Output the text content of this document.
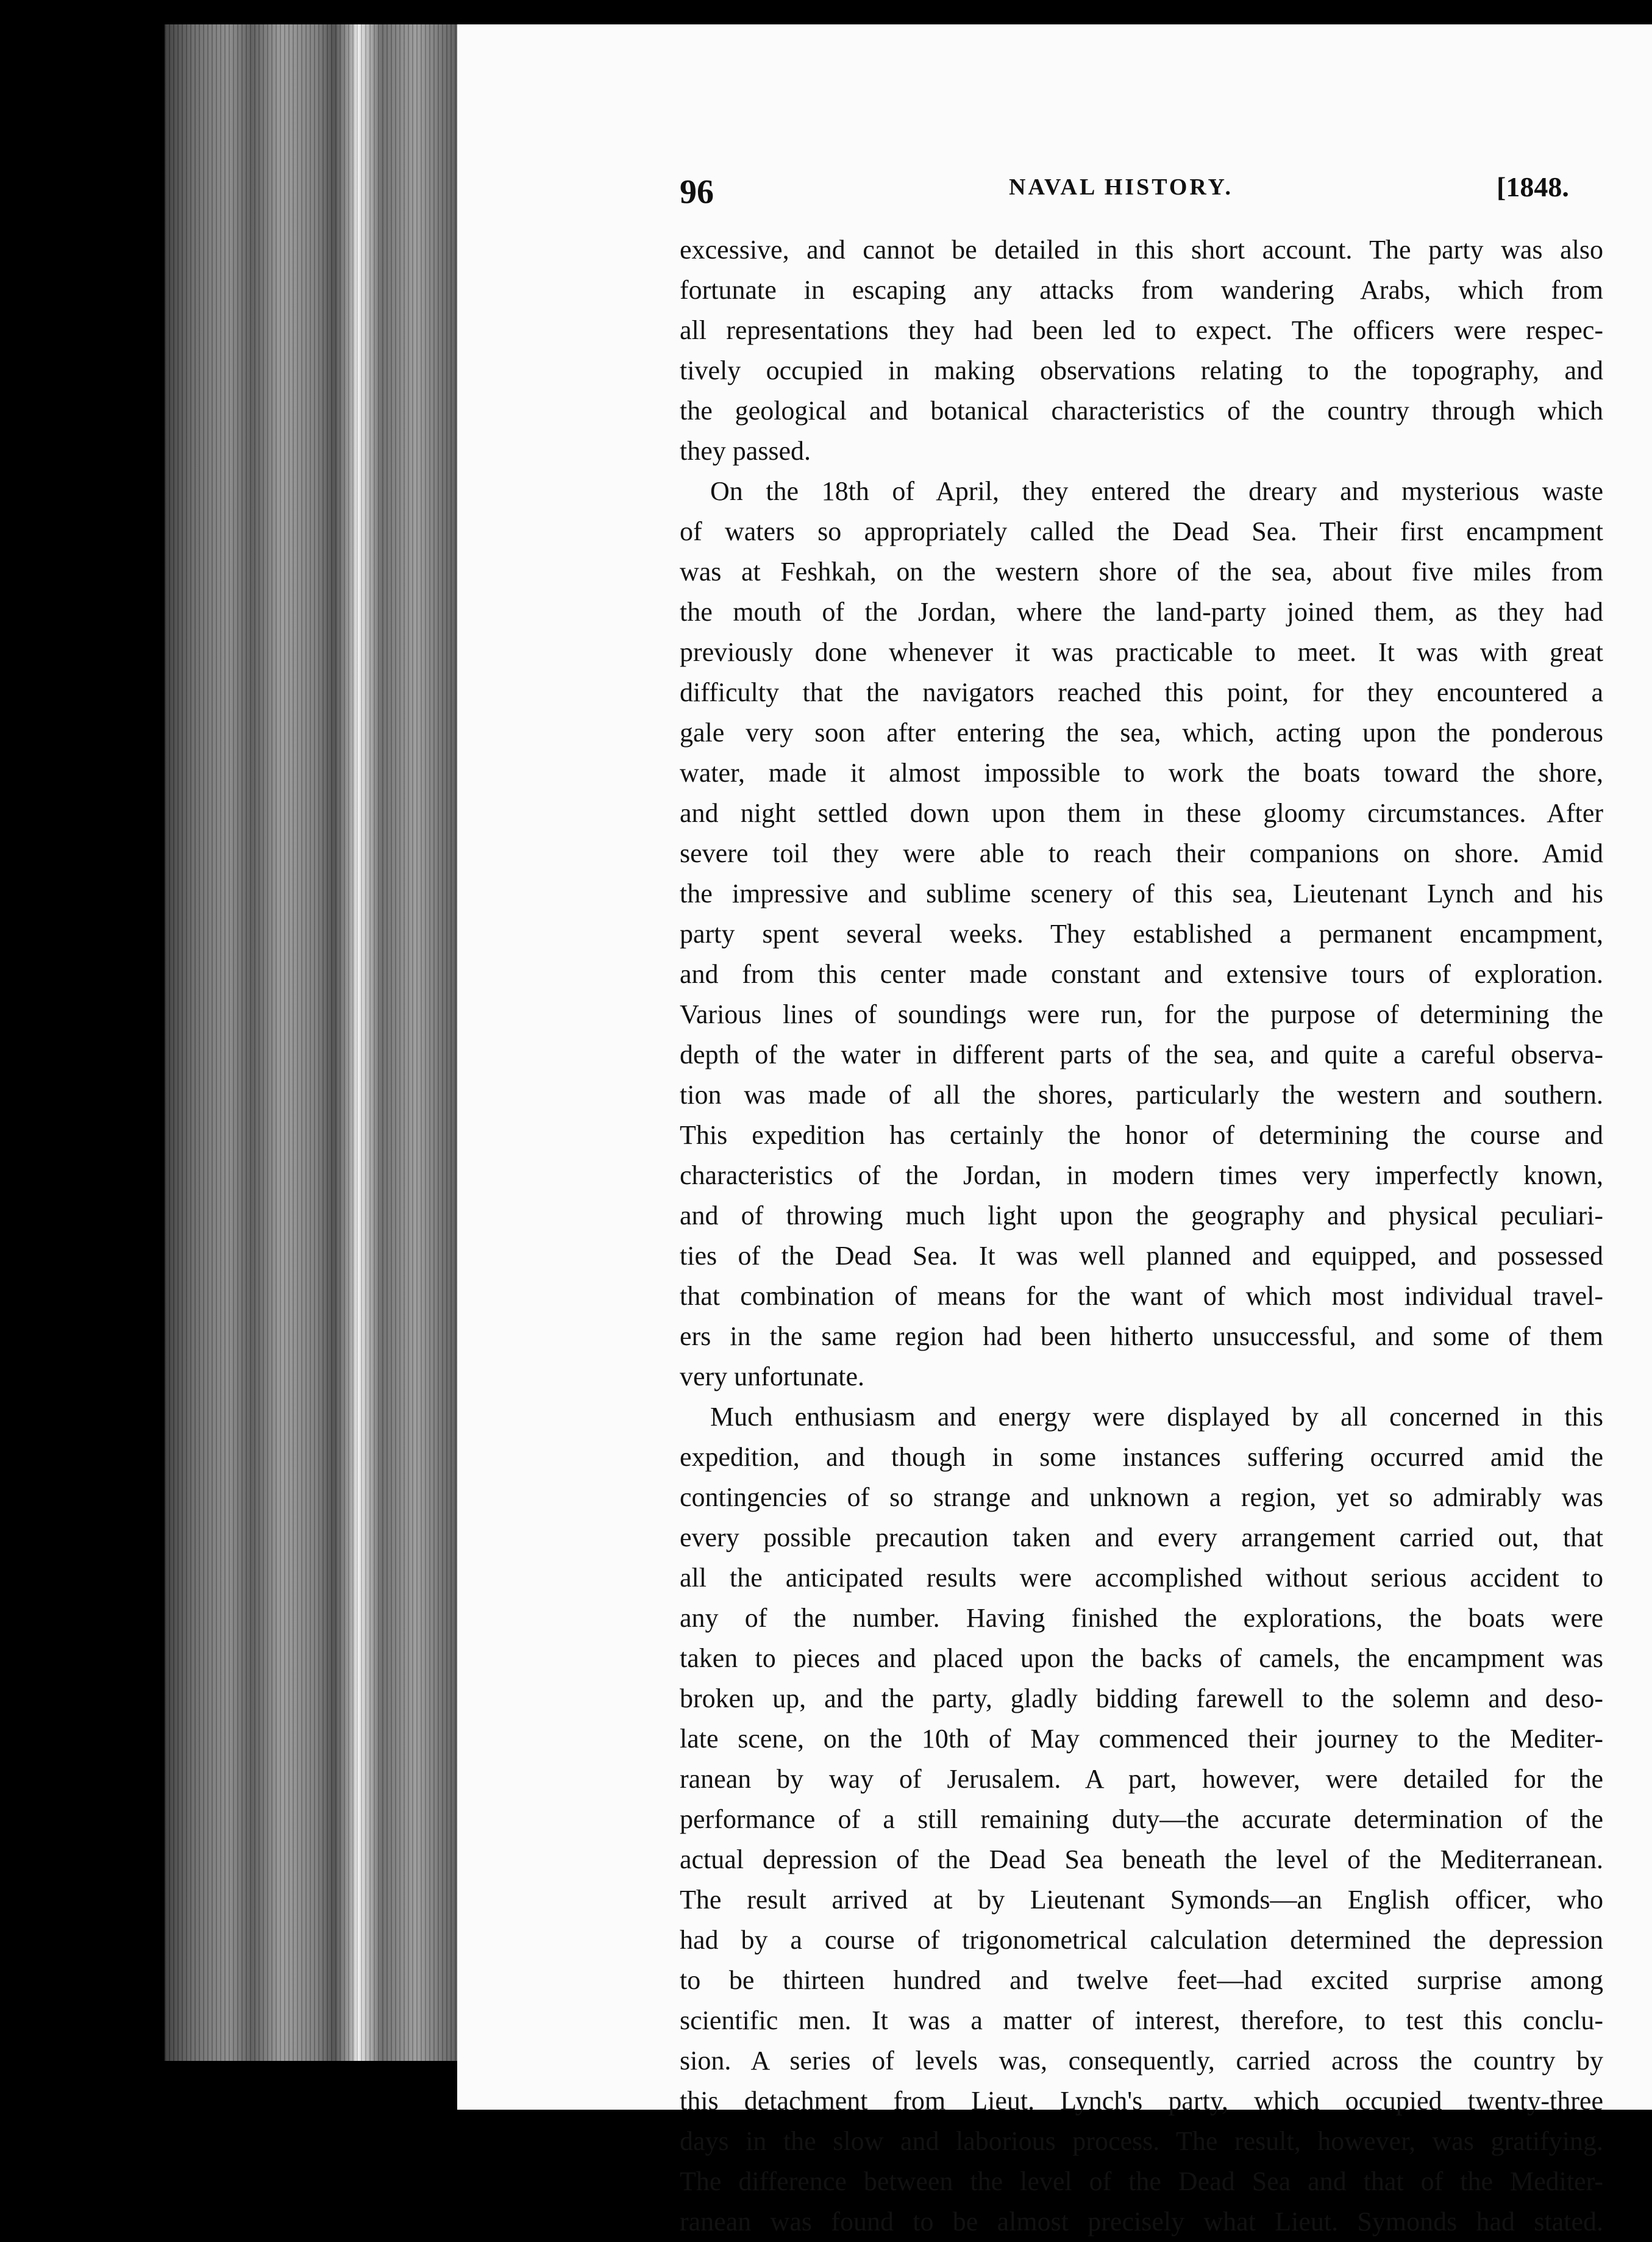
96	NAVAL HISTORY.	[1848.
excessive, and cannot be detailed in this short account. The party was also
fortunate in escaping any attacks from wandering Arabs, which from
all representations they had been led to expect. The officers were respec-
tively occupied in making observations relating to the topography, and
the geological and botanical characteristics of the country through which
they passed.
On the 18th of April, they entered the dreary and mysterious waste
of waters so appropriately called the Dead Sea. Their first encampment
was at Feshkah, on the western shore of the sea, about five miles from
the mouth of the Jordan, where the land-party joined them, as they had
previously done whenever it was practicable to meet. It was with great
difficulty that the navigators reached this point, for they encountered a
gale very soon after entering the sea, which, acting upon the ponderous
water, made it almost impossible to work the boats toward the shore,
and night settled down upon them in these gloomy circumstances. After
severe toil they were able to reach their companions on shore. Amid
the impressive and sublime scenery of this sea, Lieutenant Lynch and his
party spent several weeks. They established a permanent encampment,
and from this center made constant and extensive tours of exploration.
Various lines of soundings were run, for the purpose of determining the
depth of the water in different parts of the sea, and quite a careful observa-
tion was made of all the shores, particularly the western and southern.
This expedition has certainly the honor of determining the course and
characteristics of the Jordan, in modern times very imperfectly known,
and of throwing much light upon the geography and physical peculiari-
ties of the Dead Sea. It was well planned and equipped, and possessed
that combination of means for the want of which most individual travel-
ers in the same region had been hitherto unsuccessful, and some of them
very unfortunate.
Much enthusiasm and energy were displayed by all concerned in this
expedition, and though in some instances suffering occurred amid the
contingencies of so strange and unknown a region, yet so admirably was
every possible precaution taken and every arrangement carried out, that
all the anticipated results were accomplished without serious accident to
any of the number. Having finished the explorations, the boats were
taken to pieces and placed upon the backs of camels, the encampment was
broken up, and the party, gladly bidding farewell to the solemn and deso-
late scene, on the 10th of May commenced their journey to the Mediter-
ranean by way of Jerusalem. A part, however, were detailed for the
performance of a still remaining duty—the accurate determination of the
actual depression of the Dead Sea beneath the level of the Mediterranean.
The result arrived at by Lieutenant Symonds—an English officer, who
had by a course of trigonometrical calculation determined the depression
to be thirteen hundred and twelve feet—had excited surprise among
scientific men. It was a matter of interest, therefore, to test this conclu-
sion. A series of levels was, consequently, carried across the country by
this detachment from Lieut. Lynch's party, which occupied twenty-three
days in the slow and laborious process. The result, however, was gratifying.
The difference between the level of the Dead Sea and that of the Mediter-
ranean was found to be almost precisely what Lieut. Symonds had stated.
